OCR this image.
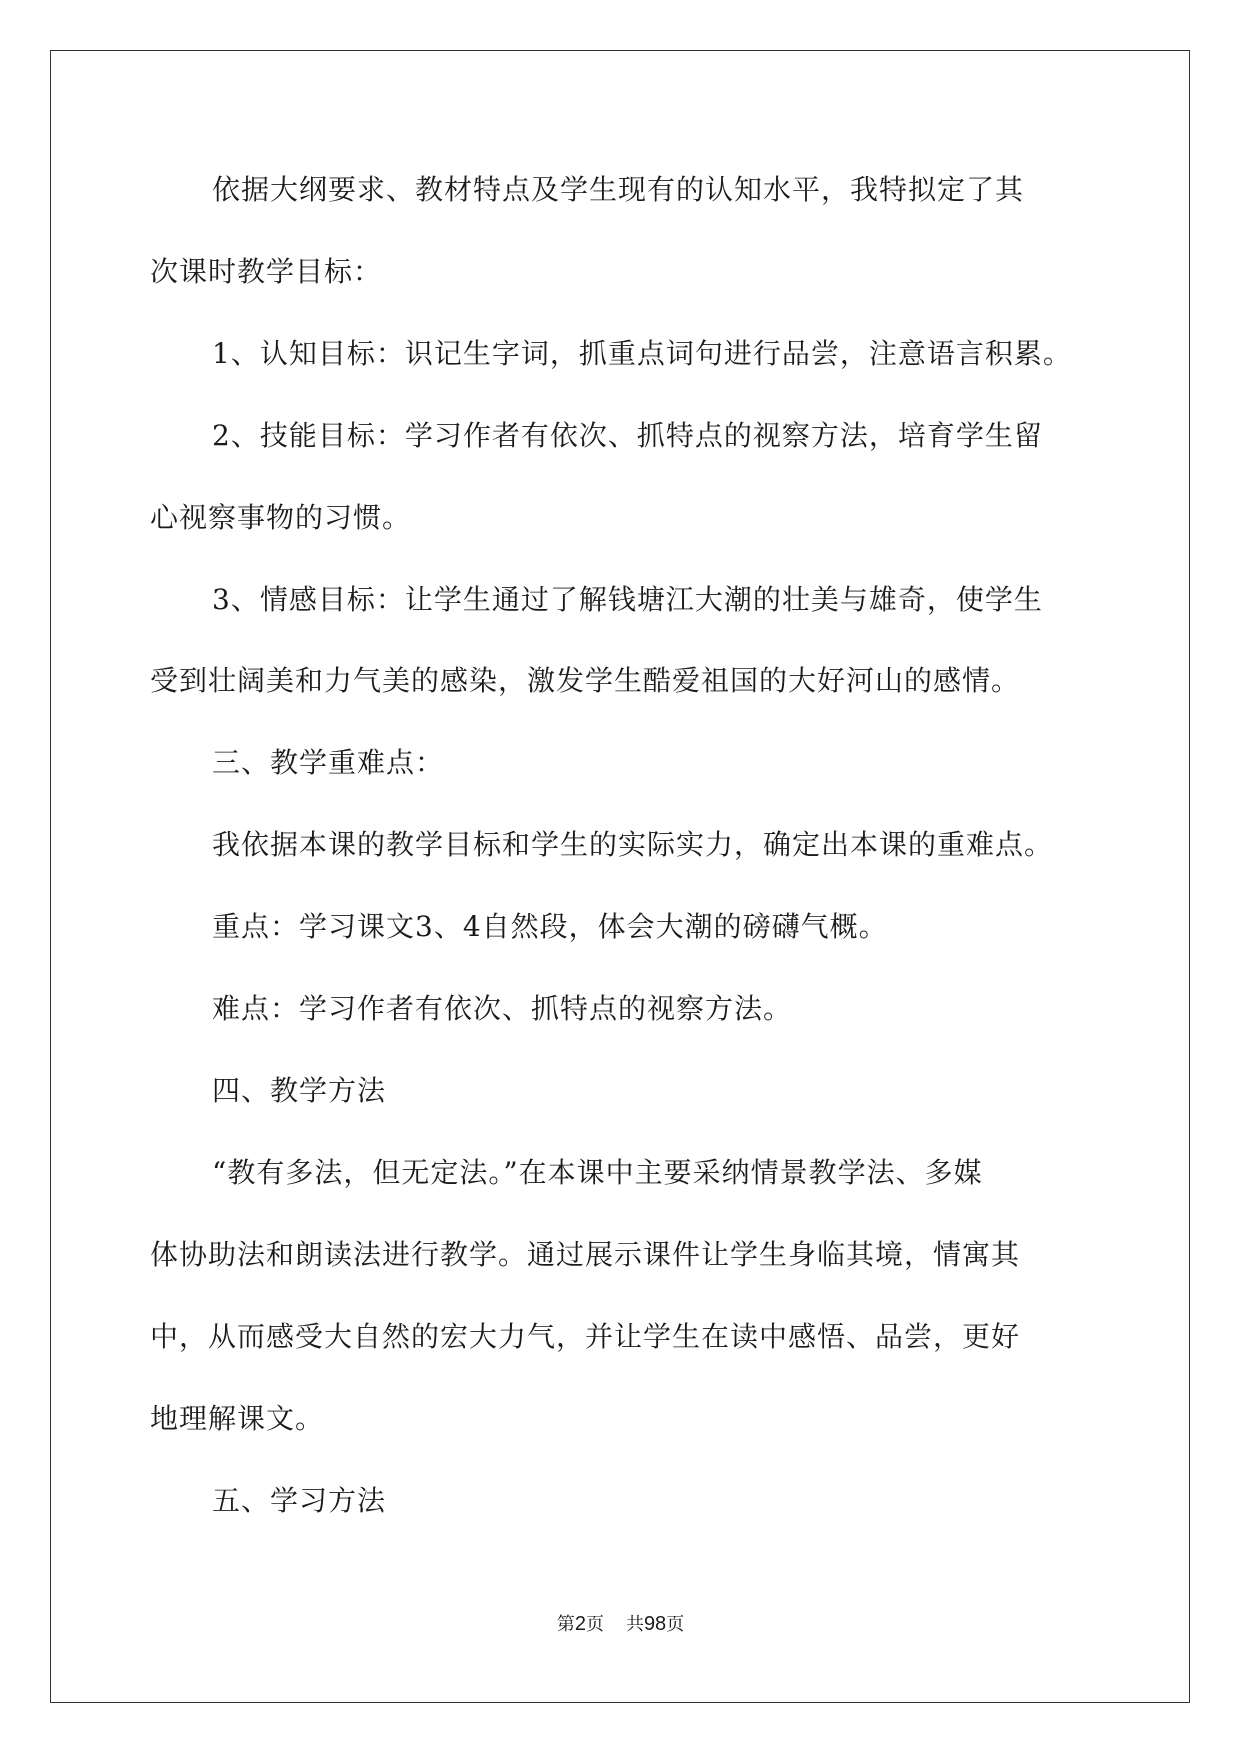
依据大纲要求、教材特点及学生现有的认知水平，我特拟定了其
次课时教学目标：
1、认知目标：识记生字词，抓重点词句进行品尝，注意语言积累。
2、技能目标：学习作者有依次、抓特点的视察方法，培育学生留
心视察事物的习惯。
3、情感目标：让学生通过了解钱塘江大潮的壮美与雄奇，使学生
受到壮阔美和力气美的感染，激发学生酷爱祖国的大好河山的感情。
三、教学重难点：
我依据本课的教学目标和学生的实际实力，确定出本课的重难点。
重点：学习课文3、4自然段，体会大潮的磅礴气概。
难点：学习作者有依次、抓特点的视察方法。
四、教学方法
“教有多法，但无定法。”在本课中主要采纳情景教学法、多媒
体协助法和朗读法进行教学。通过展示课件让学生身临其境，情寓其
中，从而感受大自然的宏大力气，并让学生在读中感悟、品尝，更好
地理解课文。
五、学习方法
第2页 共98页
